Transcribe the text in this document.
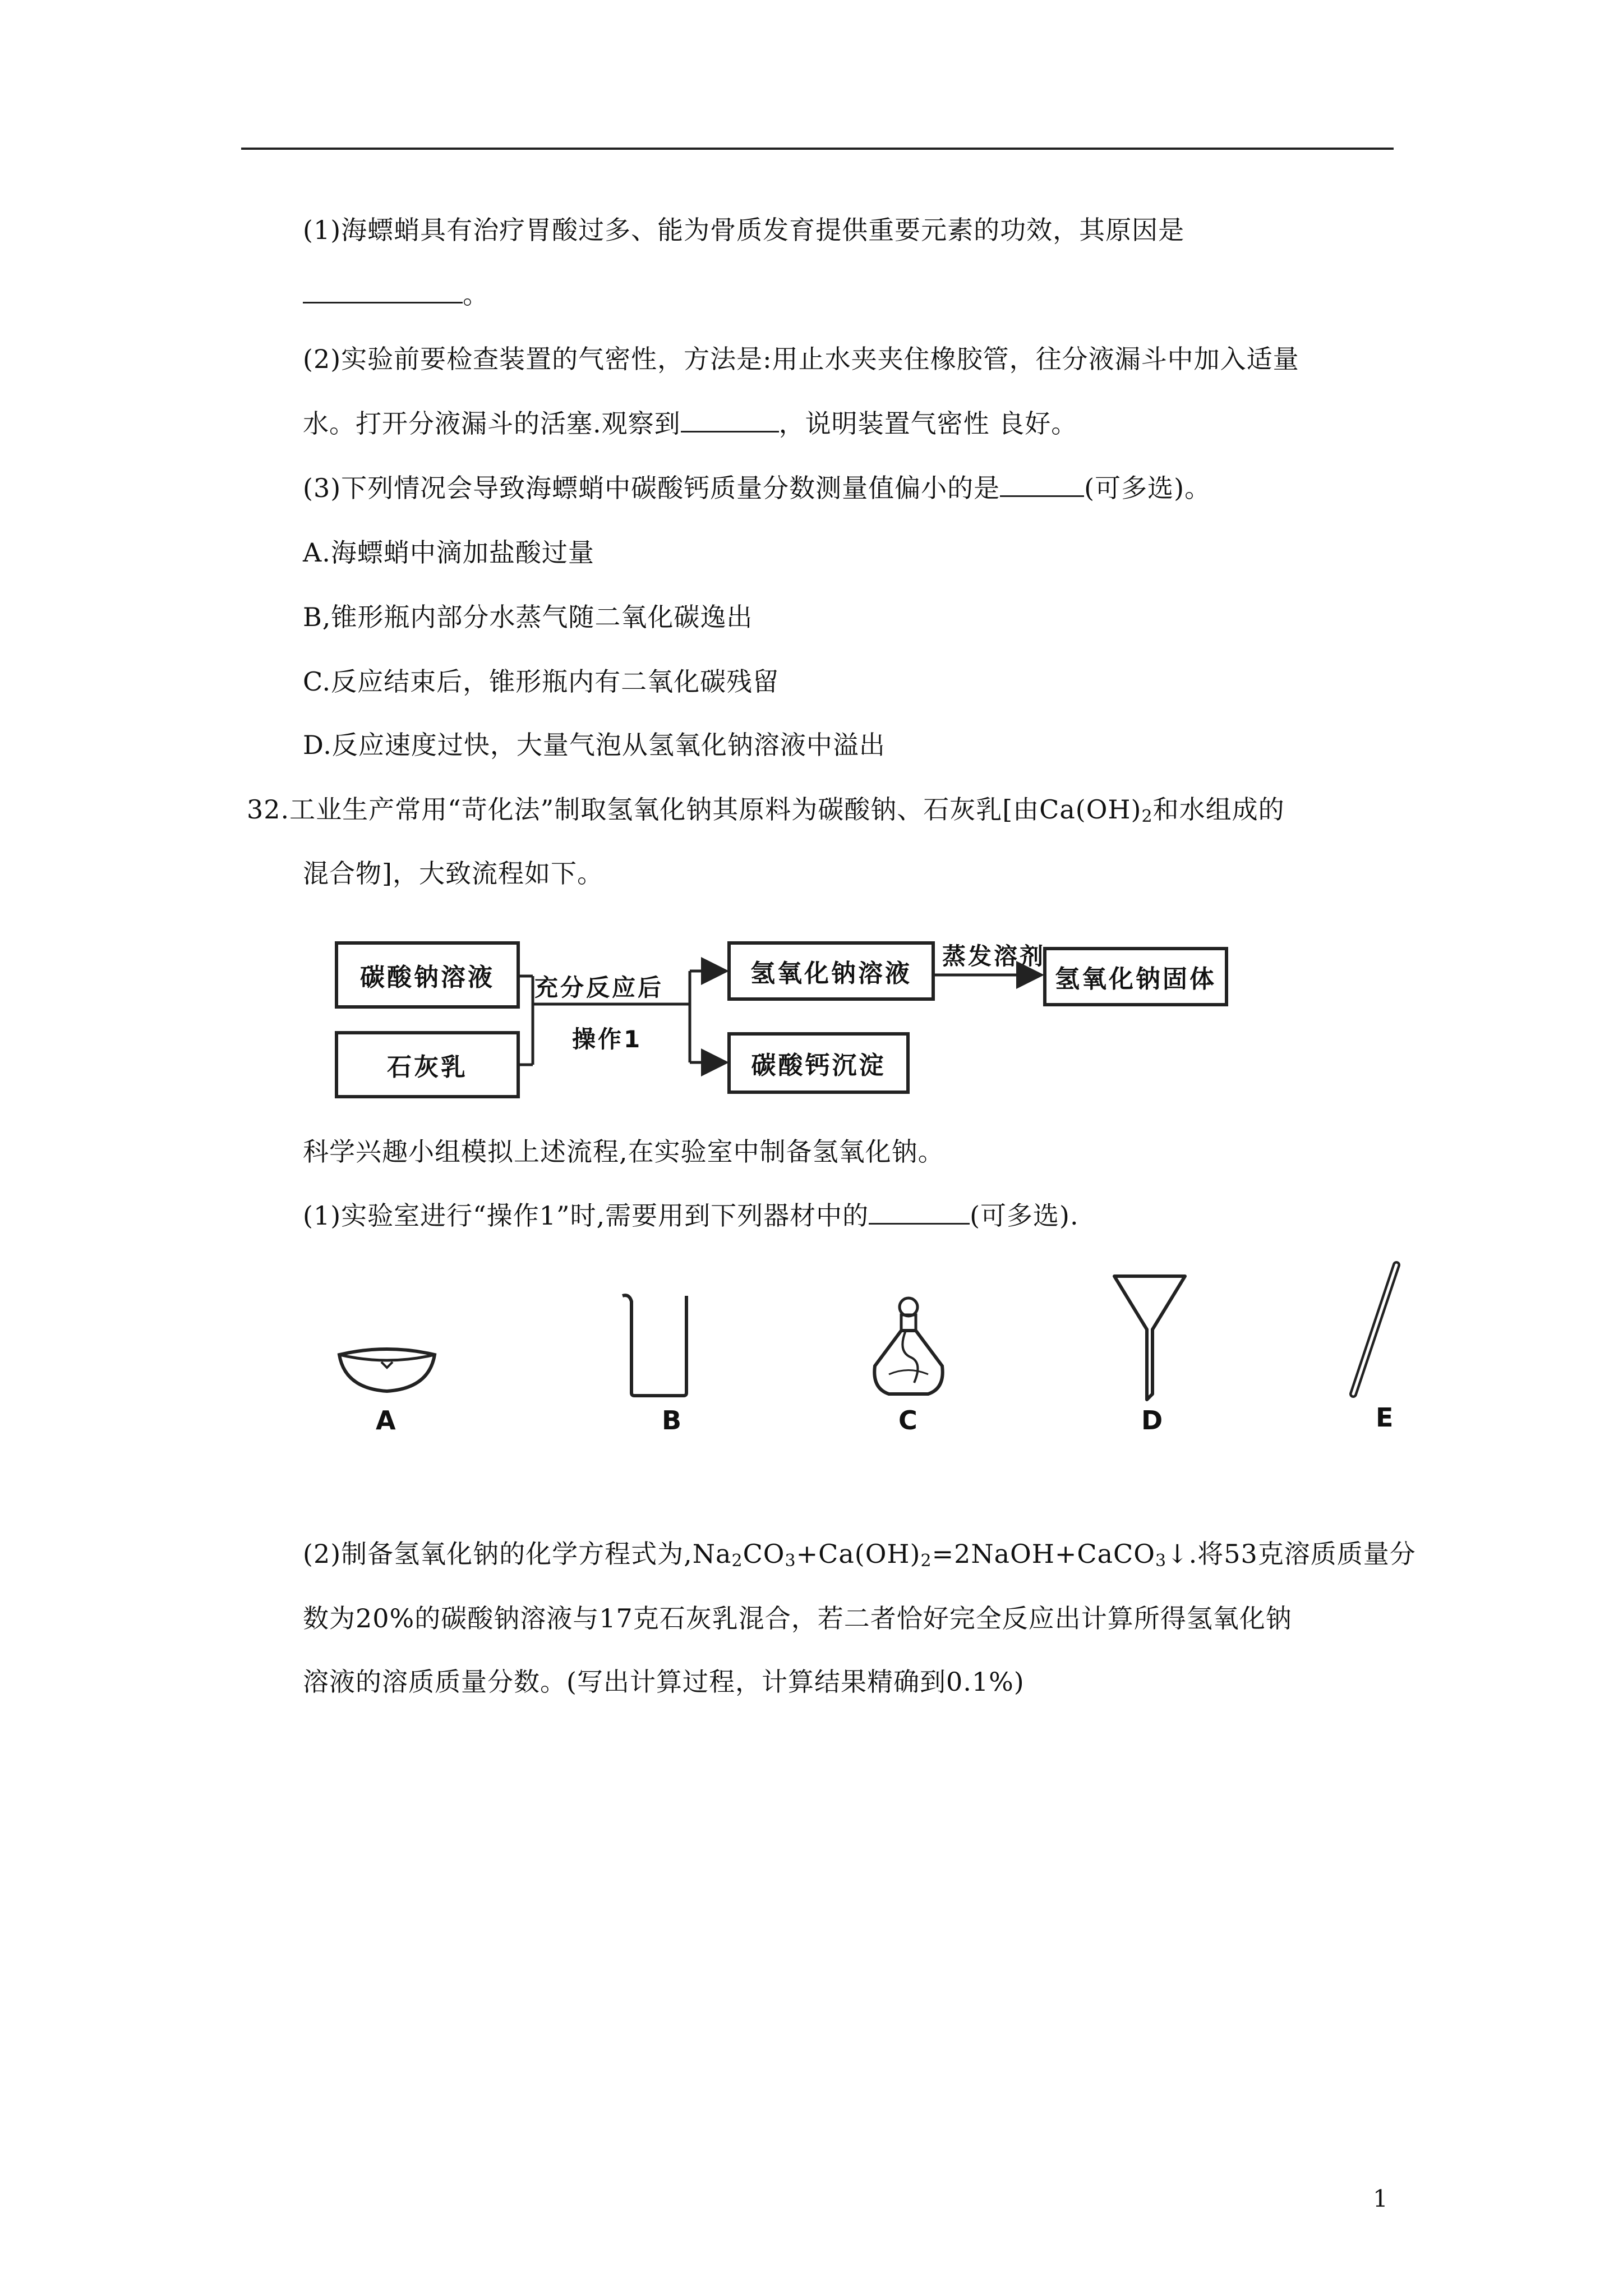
(1)海螵蛸具有治疗胃酸过多、能为骨质发育提供重要元素的功效，其原因是
。
(2)实验前要检查装置的气密性，方法是:用止水夹夹住橡胶管，往分液漏斗中加入适量
水。打开分液漏斗的活塞.观察到	，说明装置气密性 良好。
(3)下列情况会导致海螵蛸中碳酸钙质量分数测量值偏小的是	(可多选)。
A.海螵蛸中滴加盐酸过量
B,锥形瓶内部分水蒸气随二氧化碳逸出
C.反应结束后，锥形瓶内有二氧化碳残留
D.反应速度过快，大量气泡从氢氧化钠溶液中溢出
32.工业生产常用“苛化法”制取氢氧化钠其原料为碳酸钠、石灰乳[由$Ca(OH)_2$和水组成的
混合物]，大致流程如下。
碳酸钠溶液
石灰乳
充分反应后
操作1
氢氧化钠溶液
碳酸钙沉淀
蒸发溶剂
氢氧化钠固体
科学兴趣小组模拟上述流程,在实验室中制备氢氧化钠。
(1)实验室进行“操作1”时,需要用到下列器材中的	(可多选).
A	B	C	D	E
(2)制备氢氧化钠的化学方程式为$,Na_2CO_3+Ca(OH)_2=2NaOH+CaCO_3↓$.将53克溶质质量分
数为20%的碳酸钠溶液与17克石灰乳混合，若二者恰好完全反应出计算所得氢氧化钠
溶液的溶质质量分数。(写出计算过程，计算结果精确到0.1%)
1
